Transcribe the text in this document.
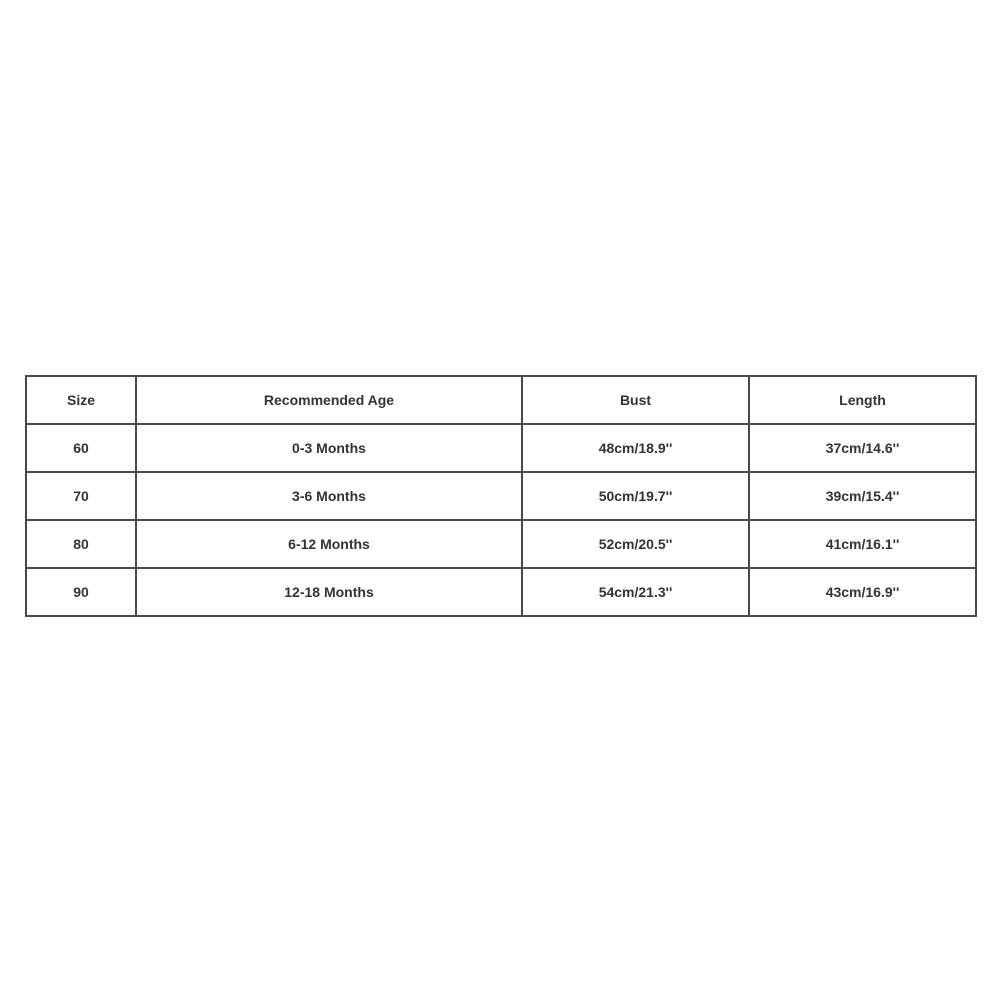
Size	Recommended Age	Bust	Length
60	0-3 Months	48cm/18.9''	37cm/14.6''
70	3-6 Months	50cm/19.7''	39cm/15.4''
80	6-12 Months	52cm/20.5''	41cm/16.1''
90	12-18 Months	54cm/21.3''	43cm/16.9''
